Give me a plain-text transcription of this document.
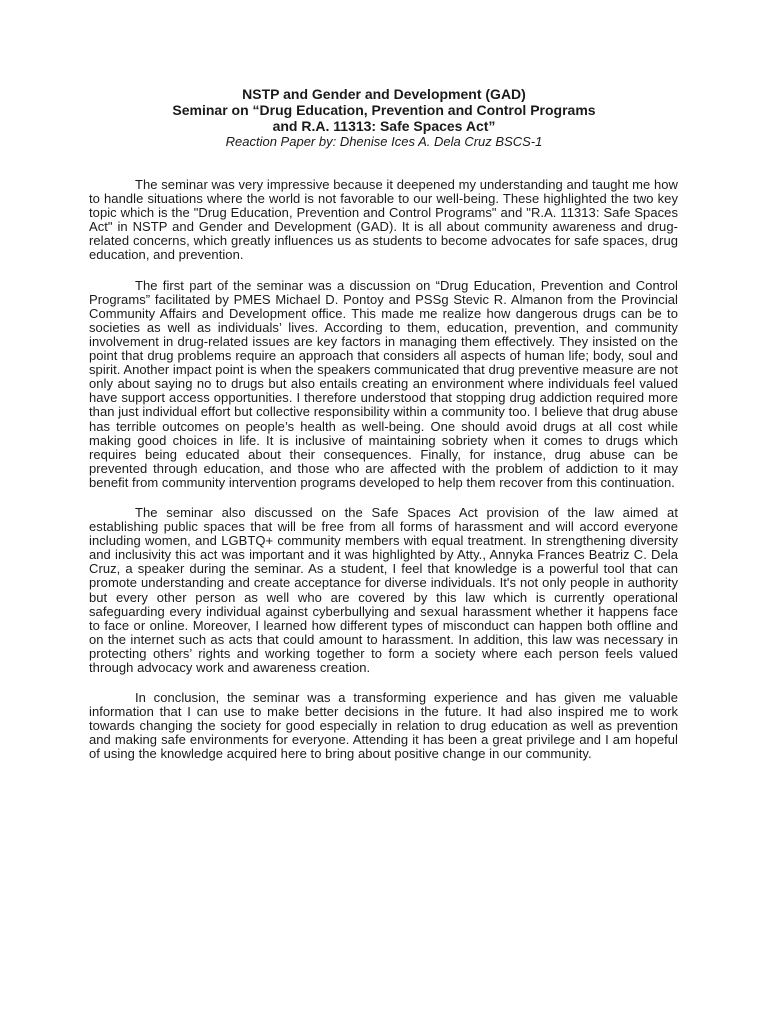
NSTP and Gender and Development (GAD)

Seminar on “Drug Education, Prevention and Control Programs

and R.A. 11313: Safe Spaces Act”

Reaction Paper by: Dhenise Ices A. Dela Cruz BSCS-1

The seminar was very impressive because it deepened my understanding and taught me how to handle situations where the world is not favorable to our well-being. These highlighted the two key topic which is the "Drug Education, Prevention and Control Programs" and "R.A. 11313: Safe Spaces Act" in NSTP and Gender and Development (GAD). It is all about community awareness and drug-related concerns, which greatly influences us as students to become advocates for safe spaces, drug education, and prevention.

The first part of the seminar was a discussion on “Drug Education, Prevention and Control Programs” facilitated by PMES Michael D. Pontoy and PSSg Stevic R. Almanon from the Provincial Community Affairs and Development office. This made me realize how dangerous drugs can be to societies as well as individuals’ lives. According to them, education, prevention, and community involvement in drug-related issues are key factors in managing them effectively. They insisted on the point that drug problems require an approach that considers all aspects of human life; body, soul and spirit. Another impact point is when the speakers communicated that drug preventive measure are not only about saying no to drugs but also entails creating an environment where individuals feel valued have support access opportunities. I therefore understood that stopping drug addiction required more than just individual effort but collective responsibility within a community too. I believe that drug abuse has terrible outcomes on people’s health as well-being. One should avoid drugs at all cost while making good choices in life. It is inclusive of maintaining sobriety when it comes to drugs which requires being educated about their consequences. Finally, for instance, drug abuse can be prevented through education, and those who are affected with the problem of addiction to it may benefit from community intervention programs developed to help them recover from this continuation.

The seminar also discussed on the Safe Spaces Act provision of the law aimed at establishing public spaces that will be free from all forms of harassment and will accord everyone including women, and LGBTQ+ community members with equal treatment. In strengthening diversity and inclusivity this act was important and it was highlighted by Atty., Annyka Frances Beatriz C. Dela Cruz, a speaker during the seminar. As a student, I feel that knowledge is a powerful tool that can promote understanding and create acceptance for diverse individuals. It's not only people in authority but every other person as well who are covered by this law which is currently operational safeguarding every individual against cyberbullying and sexual harassment whether it happens face to face or online. Moreover, I learned how different types of misconduct can happen both offline and on the internet such as acts that could amount to harassment. In addition, this law was necessary in protecting others’ rights and working together to form a society where each person feels valued through advocacy work and awareness creation.

In conclusion, the seminar was a transforming experience and has given me valuable information that I can use to make better decisions in the future. It had also inspired me to work towards changing the society for good especially in relation to drug education as well as prevention and making safe environments for everyone. Attending it has been a great privilege and I am hopeful of using the knowledge acquired here to bring about positive change in our community.
